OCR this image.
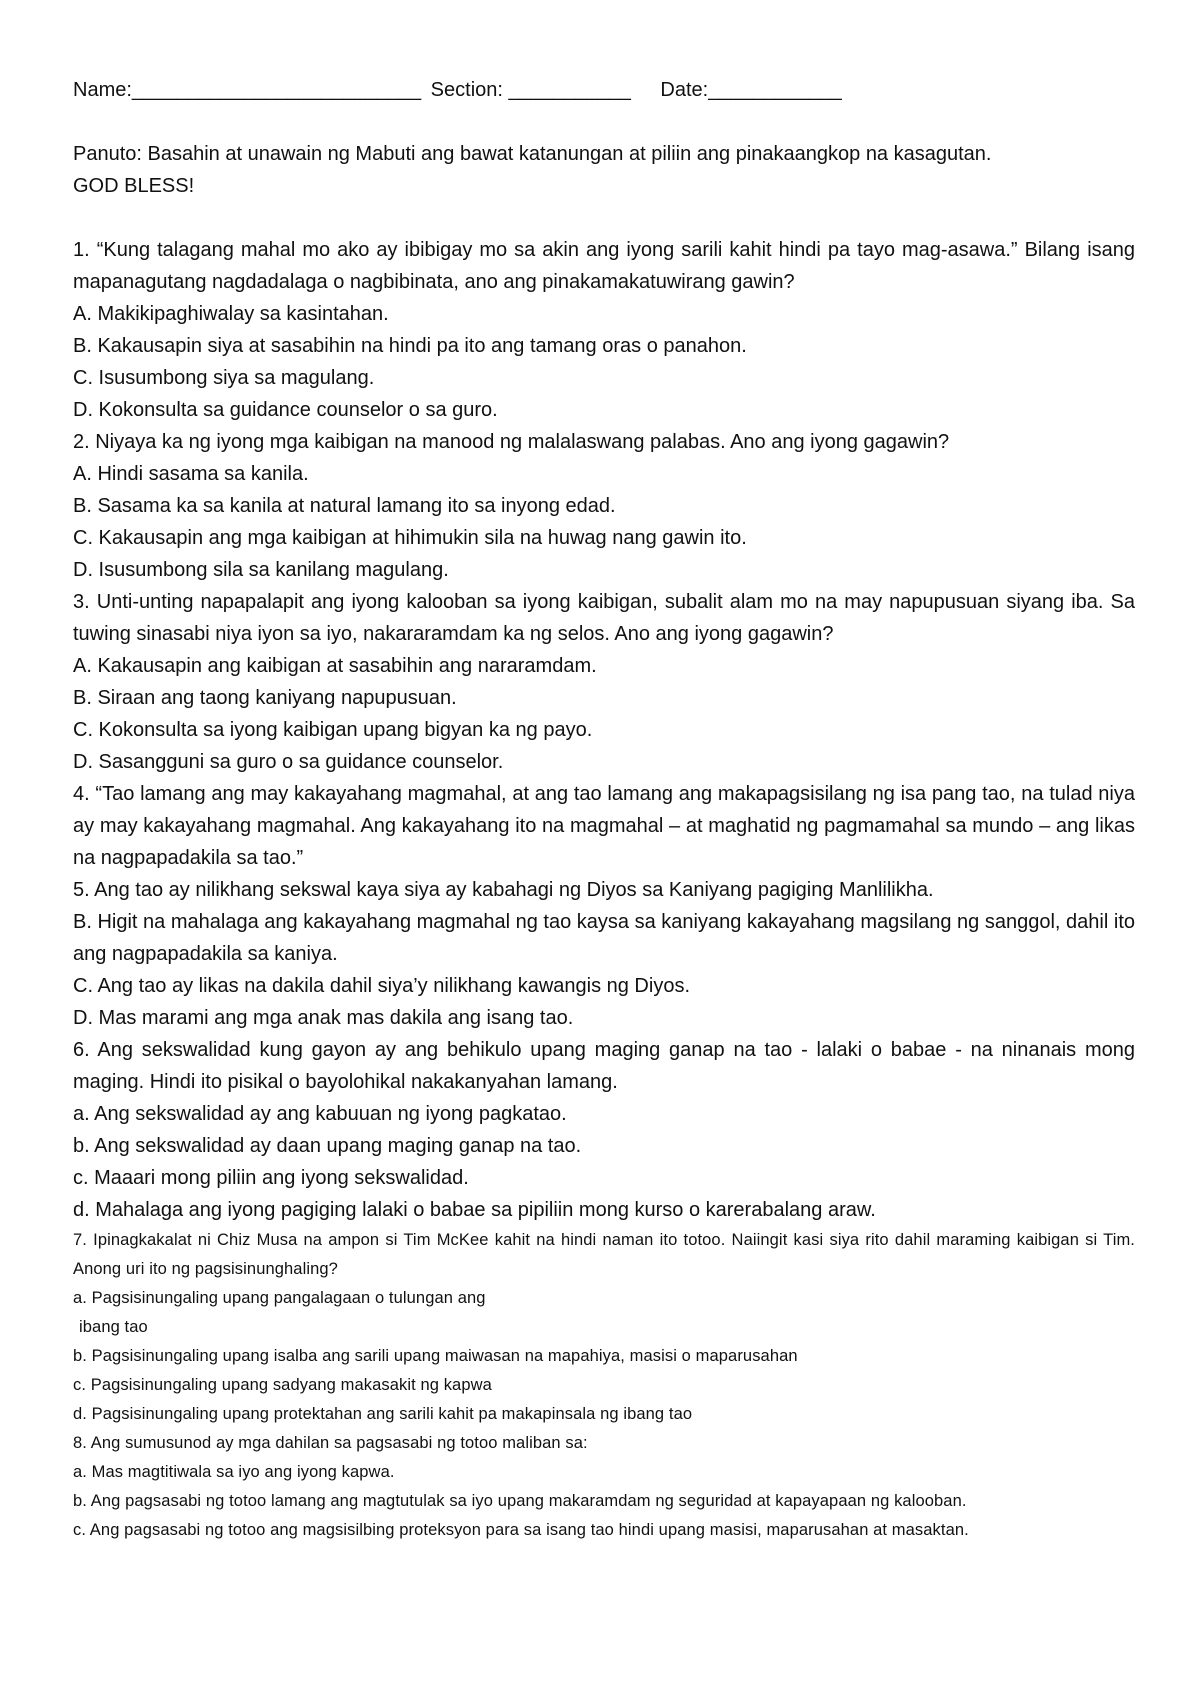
Name:__________________________ Section: ___________ Date:____________
Panuto: Basahin at unawain ng Mabuti ang bawat katanungan at piliin ang pinakaangkop na kasagutan.
GOD BLESS!

1. “Kung talagang mahal mo ako ay ibibigay mo sa akin ang iyong sarili kahit hindi pa tayo mag-asawa.” Bilang isang mapanagutang nagdadalaga o nagbibinata, ano ang pinakamakatuwirang gawin?

A. Makikipaghiwalay sa kasintahan.

B. Kakausapin siya at sasabihin na hindi pa ito ang tamang oras o panahon.

C. Isusumbong siya sa magulang.

D. Kokonsulta sa guidance counselor o sa guro.

2. Niyaya ka ng iyong mga kaibigan na manood ng malalaswang palabas. Ano ang iyong gagawin?

A. Hindi sasama sa kanila.

B. Sasama ka sa kanila at natural lamang ito sa inyong edad.

C. Kakausapin ang mga kaibigan at hihimukin sila na huwag nang gawin ito.

D. Isusumbong sila sa kanilang magulang.

3. Unti-unting napapalapit ang iyong kalooban sa iyong kaibigan, subalit alam mo na may napupusuan siyang iba. Sa tuwing sinasabi niya iyon sa iyo, nakararamdam ka ng selos. Ano ang iyong gagawin?

A. Kakausapin ang kaibigan at sasabihin ang nararamdam.

B. Siraan ang taong kaniyang napupusuan.

C. Kokonsulta sa iyong kaibigan upang bigyan ka ng payo.

D. Sasangguni sa guro o sa guidance counselor.

4. “Tao lamang ang may kakayahang magmahal, at ang tao lamang ang makapagsisilang ng isa pang tao, na tulad niya ay may kakayahang magmahal. Ang kakayahang ito na magmahal – at maghatid ng pagmamahal sa mundo – ang likas na nagpapadakila sa tao.”

5. Ang tao ay nilikhang sekswal kaya siya ay kabahagi ng Diyos sa Kaniyang pagiging Manlilikha.

B. Higit na mahalaga ang kakayahang magmahal ng tao kaysa sa kaniyang kakayahang magsilang ng sanggol, dahil ito ang nagpapadakila sa kaniya.

C. Ang tao ay likas na dakila dahil siya’y nilikhang kawangis ng Diyos.

D. Mas marami ang mga anak mas dakila ang isang tao.

6. Ang sekswalidad kung gayon ay ang behikulo upang maging ganap na tao - lalaki o babae - na ninanais mong maging. Hindi ito pisikal o bayolohikal nakakanyahan lamang.

a. Ang sekswalidad ay ang kabuuan ng iyong pagkatao.

b. Ang sekswalidad ay daan upang maging ganap na tao.

c. Maaari mong piliin ang iyong sekswalidad.

d. Mahalaga ang iyong pagiging lalaki o babae sa pipiliin mong kurso o karerabalang araw.

7. Ipinagkakalat ni Chiz Musa na ampon si Tim McKee kahit na hindi naman ito totoo. Naiingit kasi siya rito dahil maraming kaibigan si Tim. Anong uri ito ng pagsisinunghaling?

a. Pagsisinungaling upang pangalagaan o tulungan ang

ibang tao

b. Pagsisinungaling upang isalba ang sarili upang maiwasan na mapahiya, masisi o maparusahan

c. Pagsisinungaling upang sadyang makasakit ng kapwa

d. Pagsisinungaling upang protektahan ang sarili kahit pa makapinsala ng ibang tao

8. Ang sumusunod ay mga dahilan sa pagsasabi ng totoo maliban sa:

a. Mas magtitiwala sa iyo ang iyong kapwa.

b. Ang pagsasabi ng totoo lamang ang magtutulak sa iyo upang makaramdam ng seguridad at kapayapaan ng kalooban.

c. Ang pagsasabi ng totoo ang magsisilbing proteksyon para sa isang tao hindi upang masisi, maparusahan at masaktan.
